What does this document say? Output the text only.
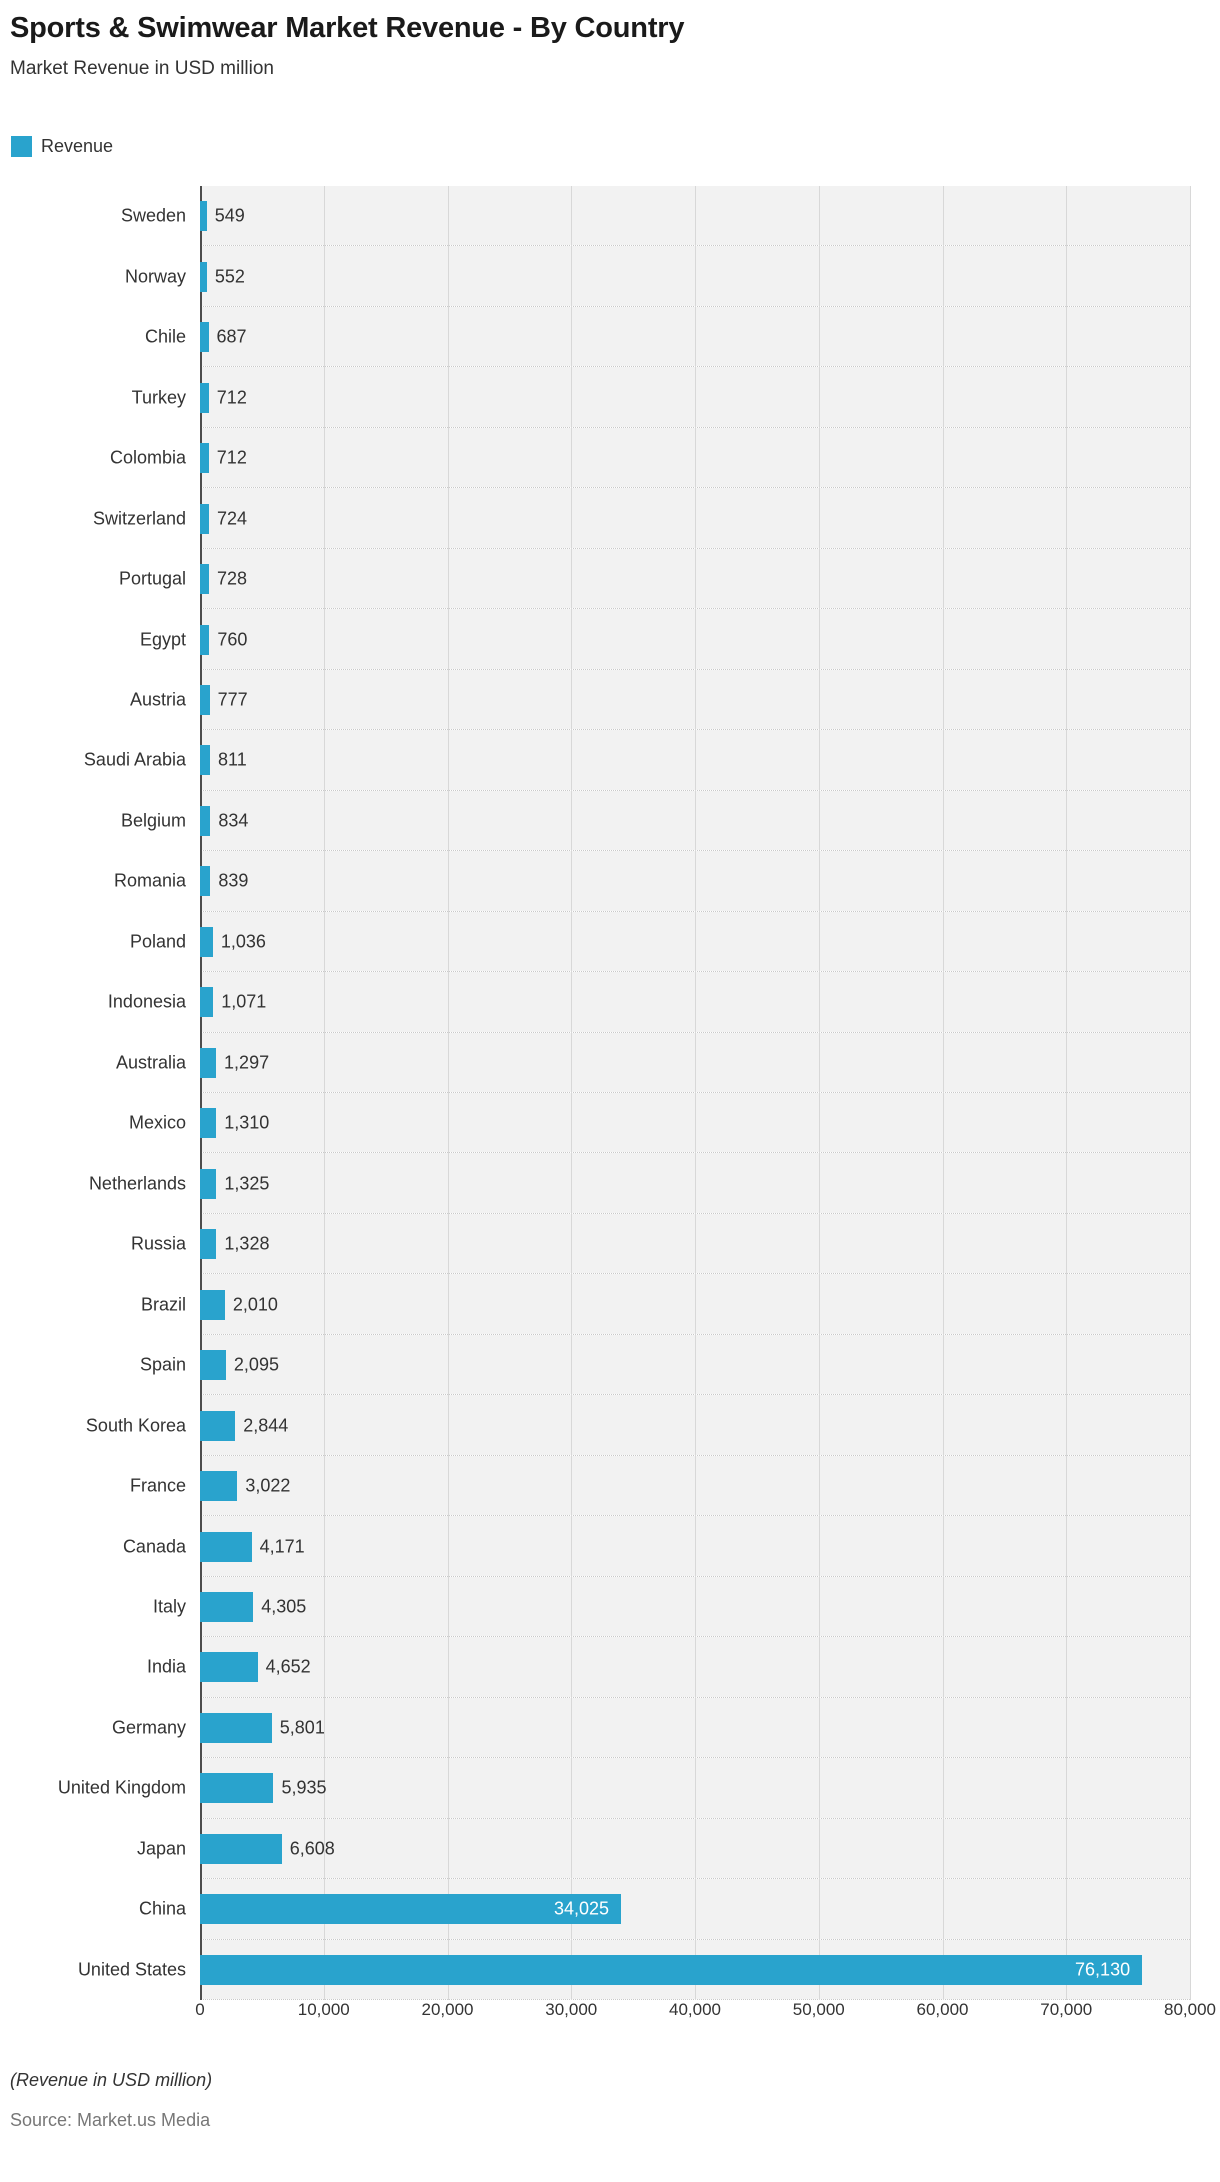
Sports & Swimwear Market Revenue - By Country
Market Revenue in USD million
Revenue
Sweden
Norway
Chile
Turkey
Colombia
Switzerland
Portugal
Egypt
Austria
Saudi Arabia
Belgium
Romania
Poland
Indonesia
Australia
Mexico
Netherlands
Russia
Brazil
Spain
South Korea
France
Canada
Italy
India
Germany
United Kingdom
Japan
China
United States
549
552
687
712
712
724
728
760
777
811
834
839
1,036
1,071
1,297
1,310
1,325
1,328
2,010
2,095
2,844
3,022
4,171
4,305
4,652
5,801
5,935
6,608
34,025
76,130
0	10,000	20,000	30,000	40,000	50,000	60,000	70,000	80,000
(Revenue in USD million)
Source: Market.us Media
